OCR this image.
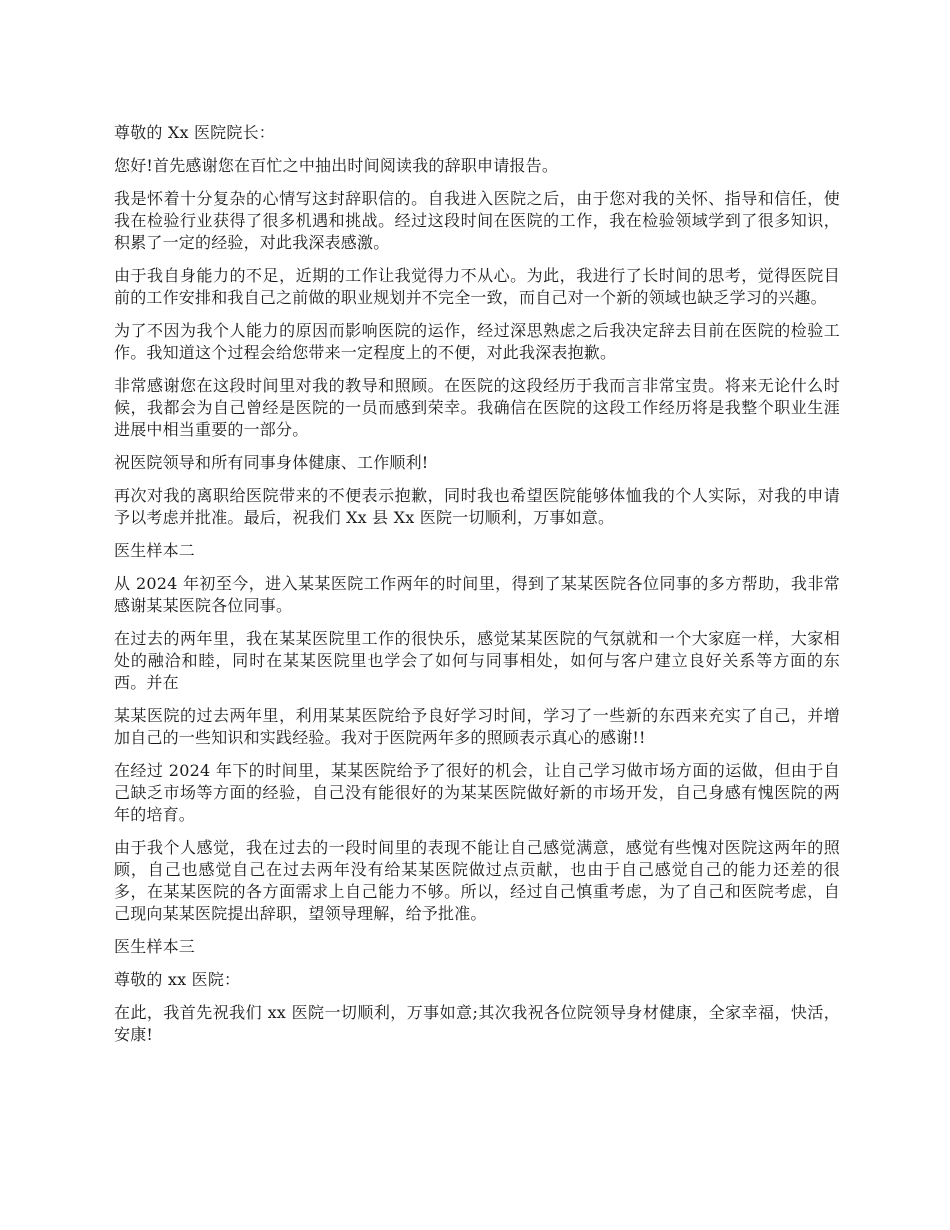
尊敬的 Xx 医院院长：

您好!首先感谢您在百忙之中抽出时间阅读我的辞职申请报告。

我是怀着十分复杂的心情写这封辞职信的。自我进入医院之后，由于您对我的关怀、指导和信任，使我在检验行业获得了很多机遇和挑战。经过这段时间在医院的工作，我在检验领域学到了很多知识，积累了一定的经验，对此我深表感激。

由于我自身能力的不足，近期的工作让我觉得力不从心。为此，我进行了长时间的思考，觉得医院目前的工作安排和我自己之前做的职业规划并不完全一致，而自己对一个新的领域也缺乏学习的兴趣。

为了不因为我个人能力的原因而影响医院的运作，经过深思熟虑之后我决定辞去目前在医院的检验工作。我知道这个过程会给您带来一定程度上的不便，对此我深表抱歉。

非常感谢您在这段时间里对我的教导和照顾。在医院的这段经历于我而言非常宝贵。将来无论什么时候，我都会为自己曾经是医院的一员而感到荣幸。我确信在医院的这段工作经历将是我整个职业生涯进展中相当重要的一部分。

祝医院领导和所有同事身体健康、工作顺利!

再次对我的离职给医院带来的不便表示抱歉，同时我也希望医院能够体恤我的个人实际，对我的申请予以考虑并批准。最后，祝我们 Xx 县 Xx 医院一切顺利，万事如意。

医生样本二

从 2024 年初至今，进入某某医院工作两年的时间里，得到了某某医院各位同事的多方帮助，我非常感谢某某医院各位同事。

在过去的两年里，我在某某医院里工作的很快乐，感觉某某医院的气氛就和一个大家庭一样，大家相处的融洽和睦，同时在某某医院里也学会了如何与同事相处，如何与客户建立良好关系等方面的东西。并在

某某医院的过去两年里，利用某某医院给予良好学习时间，学习了一些新的东西来充实了自己，并增加自己的一些知识和实践经验。我对于医院两年多的照顾表示真心的感谢!!

在经过 2024 年下的时间里，某某医院给予了很好的机会，让自己学习做市场方面的运做，但由于自己缺乏市场等方面的经验，自己没有能很好的为某某医院做好新的市场开发，自己身感有愧医院的两年的培育。

由于我个人感觉，我在过去的一段时间里的表现不能让自己感觉满意，感觉有些愧对医院这两年的照顾，自己也感觉自己在过去两年没有给某某医院做过点贡献，也由于自己感觉自己的能力还差的很多，在某某医院的各方面需求上自己能力不够。所以，经过自己慎重考虑，为了自己和医院考虑，自己现向某某医院提出辞职，望领导理解，给予批准。

医生样本三

尊敬的 xx 医院：

在此，我首先祝我们 xx 医院一切顺利，万事如意;其次我祝各位院领导身材健康，全家幸福，快活，安康!
